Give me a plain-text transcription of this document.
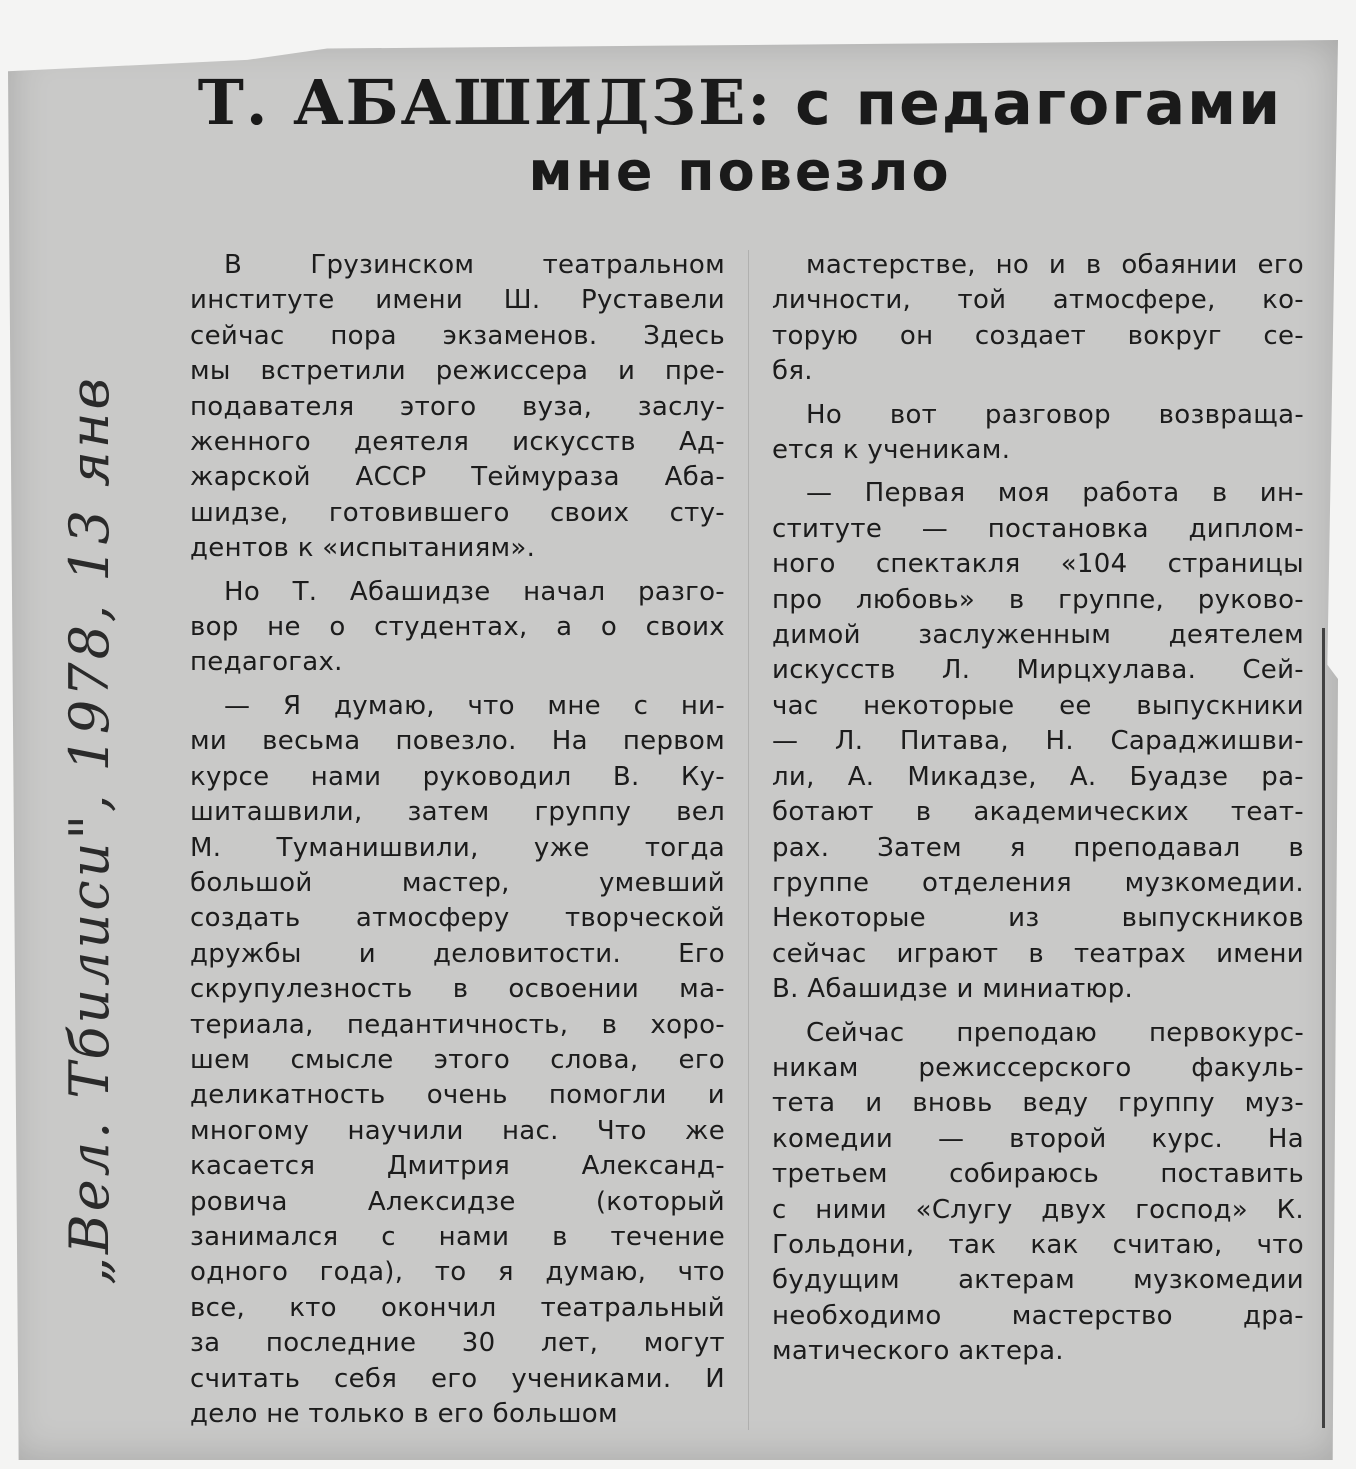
„Вел. Тбилиси", 1978, 13 янв
Т. АБАШИДЗЕ: с педагогами
мне повезло

В Грузинском театральном
институте имени Ш. Руставели
сейчас пора экзаменов. Здесь
мы встретили режиссера и пре-
подавателя этого вуза, заслу-
женного деятеля искусств Ад-
жарской АССР Теймураза Аба-
шидзе, готовившего своих сту-
дентов к «испытаниям».

Но Т. Абашидзе начал разго-
вор не о студентах, а о своих
педагогах.

— Я думаю, что мне с ни-
ми весьма повезло. На первом
курсе нами руководил В. Ку-
шиташвили, затем группу вел
М. Туманишвили, уже тогда
большой мастер, умевший
создать атмосферу творческой
дружбы и деловитости. Его
скрупулезность в освоении ма-
териала, педантичность, в хоро-
шем смысле этого слова, его
деликатность очень помогли и
многому научили нас. Что же
касается Дмитрия Александ-
ровича Алексидзе (который
занимался с нами в течение
одного года), то я думаю, что
все, кто окончил театральный
за последние 30 лет, могут
считать себя его учениками. И
дело не только в его большом

мастерстве, но и в обаянии его
личности, той атмосфере, ко-
торую он создает вокруг се-
бя.

Но вот разговор возвраща-
ется к ученикам.

— Первая моя работа в ин-
ституте — постановка диплом-
ного спектакля «104 страницы
про любовь» в группе, руково-
димой заслуженным деятелем
искусств Л. Мирцхулава. Сей-
час некоторые ее выпускники
— Л. Питава, Н. Сараджишви-
ли, А. Микадзе, А. Буадзе ра-
ботают в академических теат-
рах. Затем я преподавал в
группе отделения музкомедии.
Некоторые из выпускников
сейчас играют в театрах имени
В. Абашидзе и миниатюр.

Сейчас преподаю первокурс-
никам режиссерского факуль-
тета и вновь веду группу муз-
комедии — второй курс. На
третьем собираюсь поставить
с ними «Слугу двух господ» К.
Гольдони, так как считаю, что
будущим актерам музкомедии
необходимо мастерство дра-
матического актера.
